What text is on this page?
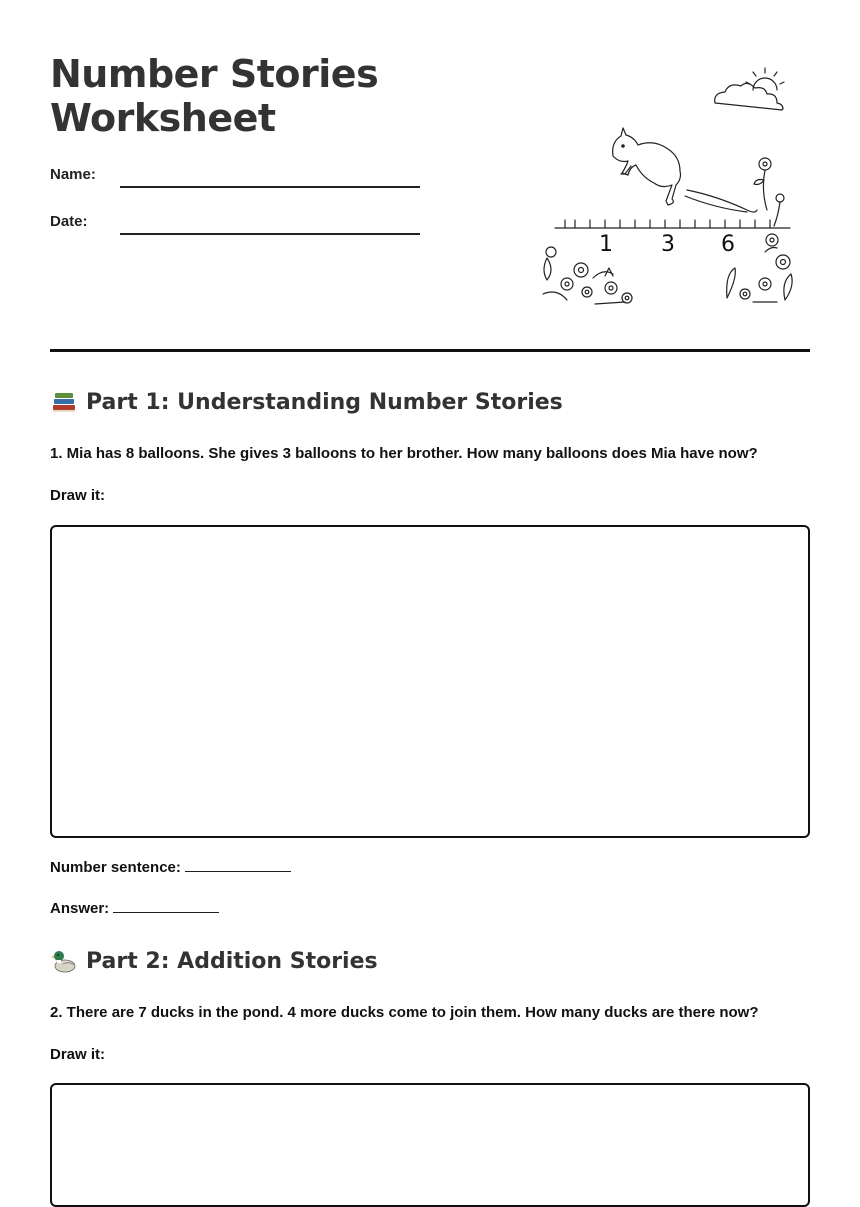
Number Stories
Worksheet
Name:
Date:
1 3 6
Part 1: Understanding Number Stories

1. Mia has 8 balloons. She gives 3 balloons to her brother. How many balloons does Mia have now?

Draw it:

Number sentence:

Answer:

Part 2: Addition Stories

2. There are 7 ducks in the pond. 4 more ducks come to join them. How many ducks are there now?

Draw it:
